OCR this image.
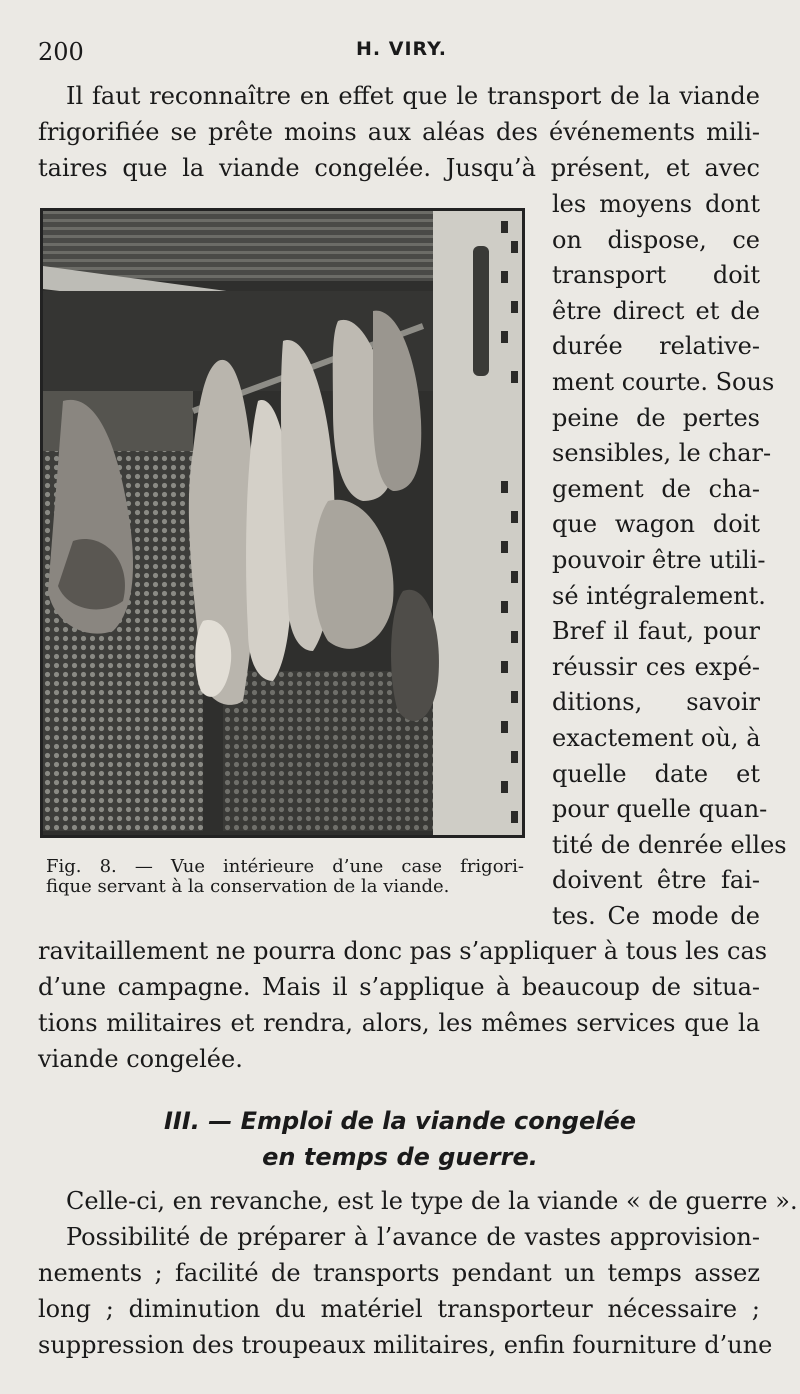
200	H. VIRY.
Il faut reconnaître en effet que le transport de la viande
frigorifiée se prête moins aux aléas des événements mili-
taires que la viande congelée. Jusqu’à présent, et avec
les moyens dont
on dispose, ce
transport doit
être direct et de
durée relative-
ment courte. Sous
peine de pertes
sensibles, le char-
gement de cha-
que wagon doit
pouvoir être utili-
sé intégralement.
Bref il faut, pour
réussir ces expé-
ditions, savoir
exactement où, à
quelle date et
pour quelle quan-
tité de denrée elles
doivent être fai-
tes. Ce mode de
Fig. 8. — Vue intérieure d’une case frigori-
fique servant à la conservation de la viande.
ravitaillement ne pourra donc pas s’appliquer à tous les cas
d’une campagne. Mais il s’applique à beaucoup de situa-
tions militaires et rendra, alors, les mêmes services que la
viande congelée.
III. — Emploi de la viande congelée
en temps de guerre.
Celle-ci, en revanche, est le type de la viande « de guerre ».
Possibilité de préparer à l’avance de vastes approvision-
nements ; facilité de transports pendant un temps assez
long ; diminution du matériel transporteur nécessaire ;
suppression des troupeaux militaires, enfin fourniture d’une
